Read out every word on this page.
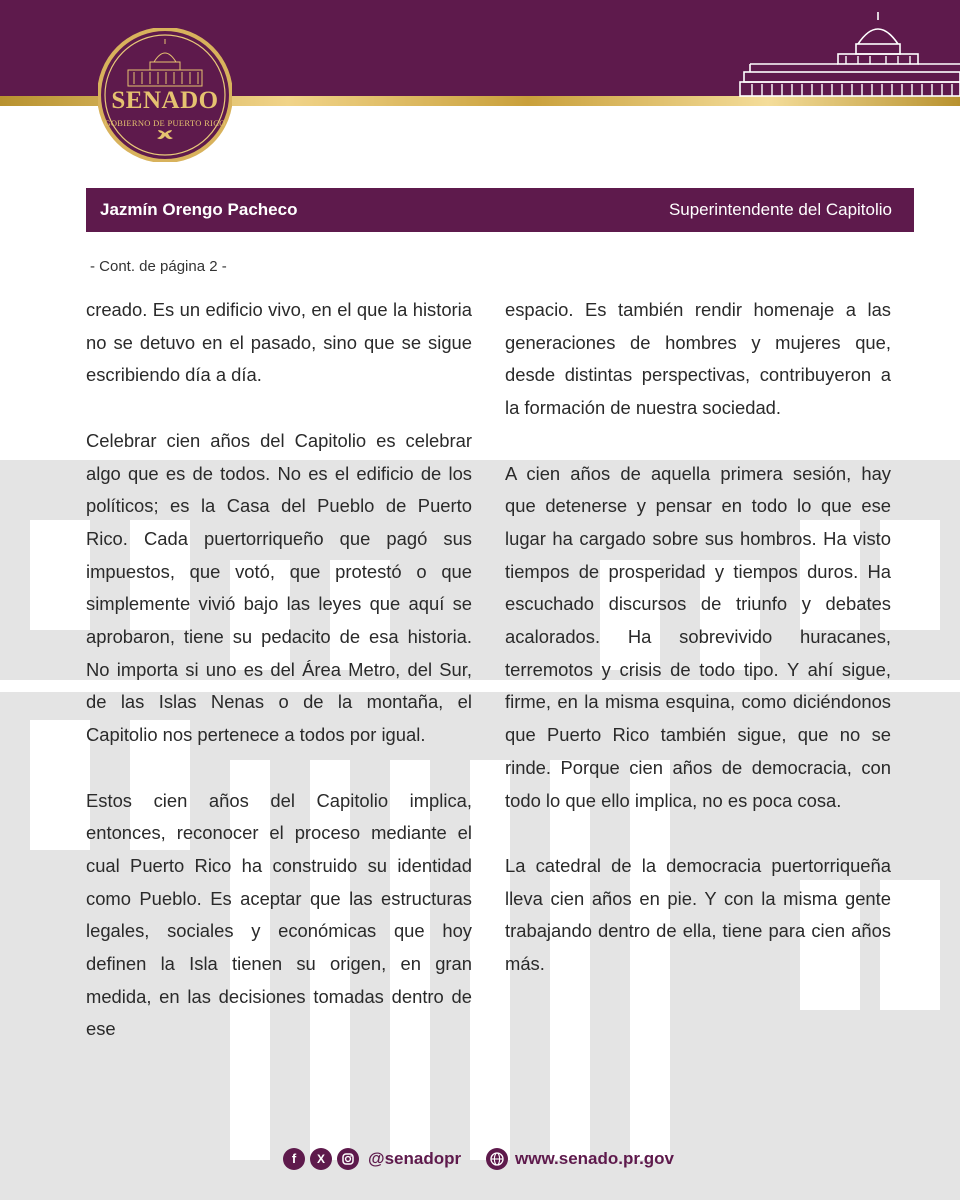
SENADO
GOBIERNO DE PUERTO RICO
Jazmín Orengo Pacheco	Superintendente del Capitolio
- Cont. de página 2 -

creado. Es un edificio vivo, en el que la historia no se detuvo en el pasado, sino que se sigue escribiendo día a día.

Celebrar cien años del Capitolio es celebrar algo que es de todos. No es el edificio de los políticos; es la Casa del Pueblo de Puerto Rico. Cada puertorriqueño que pagó sus impuestos, que votó, que protestó o que simplemente vivió bajo las leyes que aquí se aprobaron, tiene su pedacito de esa historia. No importa si uno es del Área Metro, del Sur, de las Islas Nenas o de la montaña, el Capitolio nos pertenece a todos por igual.

Estos cien años del Capitolio implica, entonces, reconocer el proceso mediante el cual Puerto Rico ha construido su identidad como Pueblo. Es aceptar que las estructuras legales, sociales y económicas que hoy definen la Isla tienen su origen, en gran medida, en las decisiones tomadas dentro de ese

espacio. Es también rendir homenaje a las generaciones de hombres y mujeres que, desde distintas perspectivas, contribuyeron a la formación de nuestra sociedad.

A cien años de aquella primera sesión, hay que detenerse y pensar en todo lo que ese lugar ha cargado sobre sus hombros. Ha visto tiempos de prosperidad y tiempos duros. Ha escuchado discursos de triunfo y debates acalorados. Ha sobrevivido huracanes, terremotos y crisis de todo tipo. Y ahí sigue, firme, en la misma esquina, como diciéndonos que Puerto Rico también sigue, que no se rinde. Porque cien años de democracia, con todo lo que ello implica, no es poca cosa.

La catedral de la democracia puertorriqueña lleva cien años en pie. Y con la misma gente trabajando dentro de ella, tiene para cien años más.

f	X	@senadopr	www.senado.pr.gov
